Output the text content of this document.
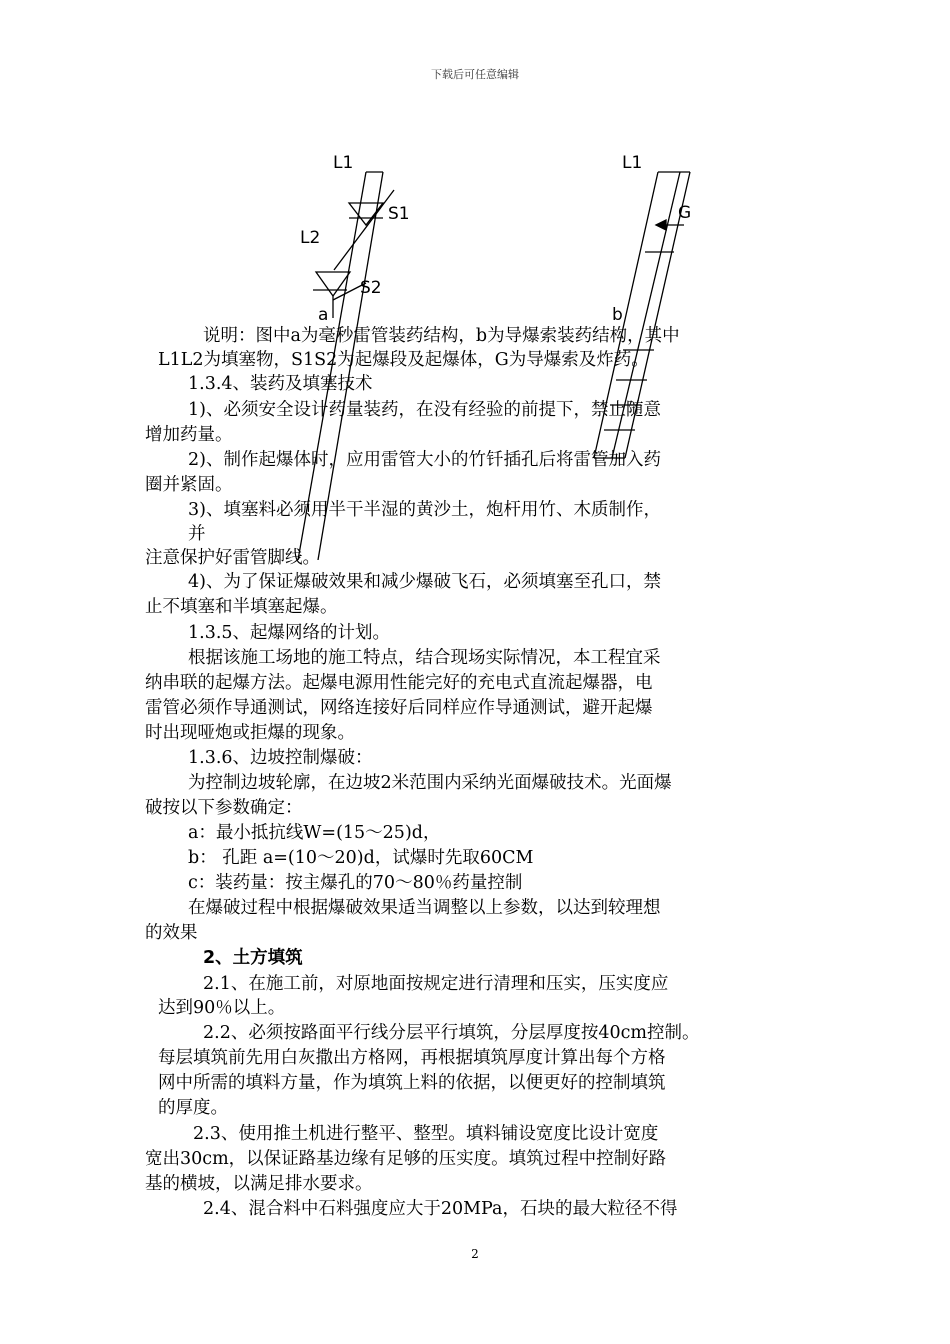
下载后可任意编辑
L1
S1
L2
S2
a
L1
G
b
说明：图中a为毫秒雷管装药结构，b为导爆索装药结构，其中
L1L2为填塞物，S1S2为起爆段及起爆体，G为导爆索及炸药。
1.3.4、装药及填塞技术
1)、必须安全设计药量装药，在没有经验的前提下，禁止随意
增加药量。
2)、制作起爆体时，应用雷管大小的竹钎插孔后将雷管加入药
圈并紧固。
3)、填塞料必须用半干半湿的黄沙土，炮杆用竹、木质制作，
并
注意保护好雷管脚线。
4)、为了保证爆破效果和减少爆破飞石，必须填塞至孔口，禁
止不填塞和半填塞起爆。
1.3.5、起爆网络的计划。
根据该施工场地的施工特点，结合现场实际情况，本工程宜采
纳串联的起爆方法。起爆电源用性能完好的充电式直流起爆器，电
雷管必须作导通测试，网络连接好后同样应作导通测试，避开起爆
时出现哑炮或拒爆的现象。
1.3.6、边坡控制爆破：
为控制边坡轮廓，在边坡2米范围内采纳光面爆破技术。光面爆
破按以下参数确定：
a：最小抵抗线W=(15～25)d，
b： 孔距 a=(10～20)d，试爆时先取60CM
c：装药量：按主爆孔的70～80％药量控制
在爆破过程中根据爆破效果适当调整以上参数，以达到较理想
的效果
2、土方填筑
2.1、在施工前，对原地面按规定进行清理和压实，压实度应
达到90％以上。
2.2、必须按路面平行线分层平行填筑，分层厚度按40cm控制。
每层填筑前先用白灰撒出方格网，再根据填筑厚度计算出每个方格
网中所需的填料方量，作为填筑上料的依据，以便更好的控制填筑
的厚度。
2.3、使用推土机进行整平、整型。填料铺设宽度比设计宽度
宽出30cm，以保证路基边缘有足够的压实度。填筑过程中控制好路
基的横坡，以满足排水要求。
2.4、混合料中石料强度应大于20MPa，石块的最大粒径不得
2
